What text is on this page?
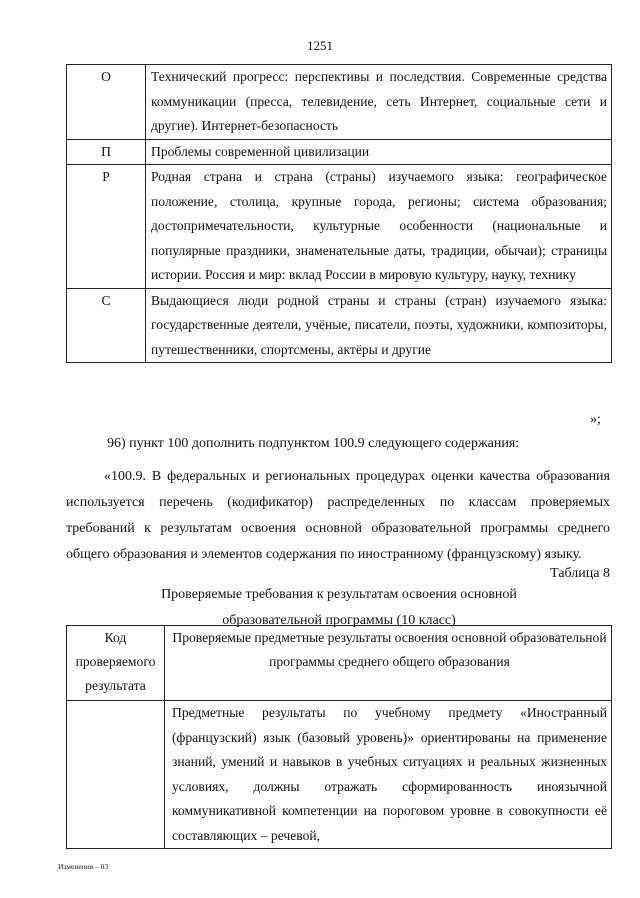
1251
О	Технический прогресс: перспективы и последствия. Современные средства коммуникации (пресса, телевидение, сеть Интернет, социальные сети и другие). Интернет-безопасность
П	Проблемы современной цивилизации
Р	Родная страна и страна (страны) изучаемого языка: географическое положение, столица, крупные города, регионы; система образования; достопримечательности, культурные особенности (национальные и популярные праздники, знаменательные даты, традиции, обычаи); страницы истории. Россия и мир: вклад России в мировую культуру, науку, технику
С	Выдающиеся люди родной страны и страны (стран) изучаемого языка: государственные деятели, учёные, писатели, поэты, художники, композиторы, путешественники, спортсмены, актёры и другие
»;
96) пункт 100 дополнить подпунктом 100.9 следующего содержания:
«100.9. В федеральных и региональных процедурах оценки качества образования используется перечень (кодификатор) распределенных по классам проверяемых требований к результатам освоения основной образовательной программы среднего общего образования и элементов содержания по иностранному (французскому) языку.
Таблица 8
Проверяемые требования к результатам освоения основной
образовательной программы (10 класс)
Код проверяемого результата	Проверяемые предметные результаты освоения основной образовательной программы среднего общего образования
	Предметные результаты по учебному предмету «Иностранный (французский) язык (базовый уровень)» ориентированы на применение знаний, умений и навыков в учебных ситуациях и реальных жизненных условиях, должны отражать сформированность иноязычной коммуникативной компетенции на пороговом уровне в совокупности её составляющих – речевой,
Изменения – 03
